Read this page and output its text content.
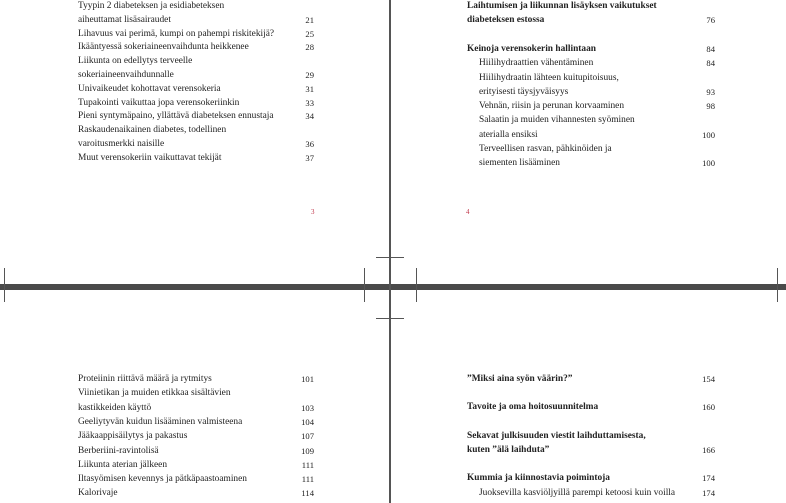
3	4
Tyypin 2 diabeteksen ja esidiabeteksen
aiheuttamat lisäsairaudet	21
Lihavuus vai perimä, kumpi on pahempi riskitekijä?	25
Ikääntyessä sokeriaineenvaihdunta heikkenee	28
Liikunta on edellytys terveelle
sokeriaineenvaihdunnalle	29
Univaikeudet kohottavat verensokeria	31
Tupakointi vaikuttaa jopa verensokeriinkin	33
Pieni syntymäpaino, yllättävä diabeteksen ennustaja	34
Raskaudenaikainen diabetes, todellinen
varoitusmerkki naisille	36
Muut verensokeriin vaikuttavat tekijät	37
Laihtumisen ja liikunnan lisäyksen vaikutukset
diabeteksen estossa	76
Keinoja verensokerin hallintaan	84
Hiilihydraattien vähentäminen	84
Hiilihydraatin lähteen kuitupitoisuus,
erityisesti täysjyväisyys	93
Vehnän, riisin ja perunan korvaaminen	98
Salaatin ja muiden vihannesten syöminen
aterialla ensiksi	100
Terveellisen rasvan, pähkinöiden ja
siementen lisääminen	100
Proteiinin riittävä määrä ja rytmitys	101
Viinietikan ja muiden etikkaa sisältävien
kastikkeiden käyttö	103
Geeliytyvän kuidun lisääminen valmisteena	104
Jääkaappisäilytys ja pakastus	107
Berberiini-ravintolisä	109
Liikunta aterian jälkeen	111
Iltasyömisen kevennys ja pätkäpaastoaminen	111
Kalorivaje	114
”Miksi aina syön väärin?”	154
Tavoite ja oma hoitosuunnitelma	160
Sekavat julkisuuden viestit laihduttamisesta,
kuten ”älä laihduta”	166
Kummia ja kiinnostavia poimintoja	174
Juoksevilla kasviöljyillä parempi ketoosi kuin voilla	174
